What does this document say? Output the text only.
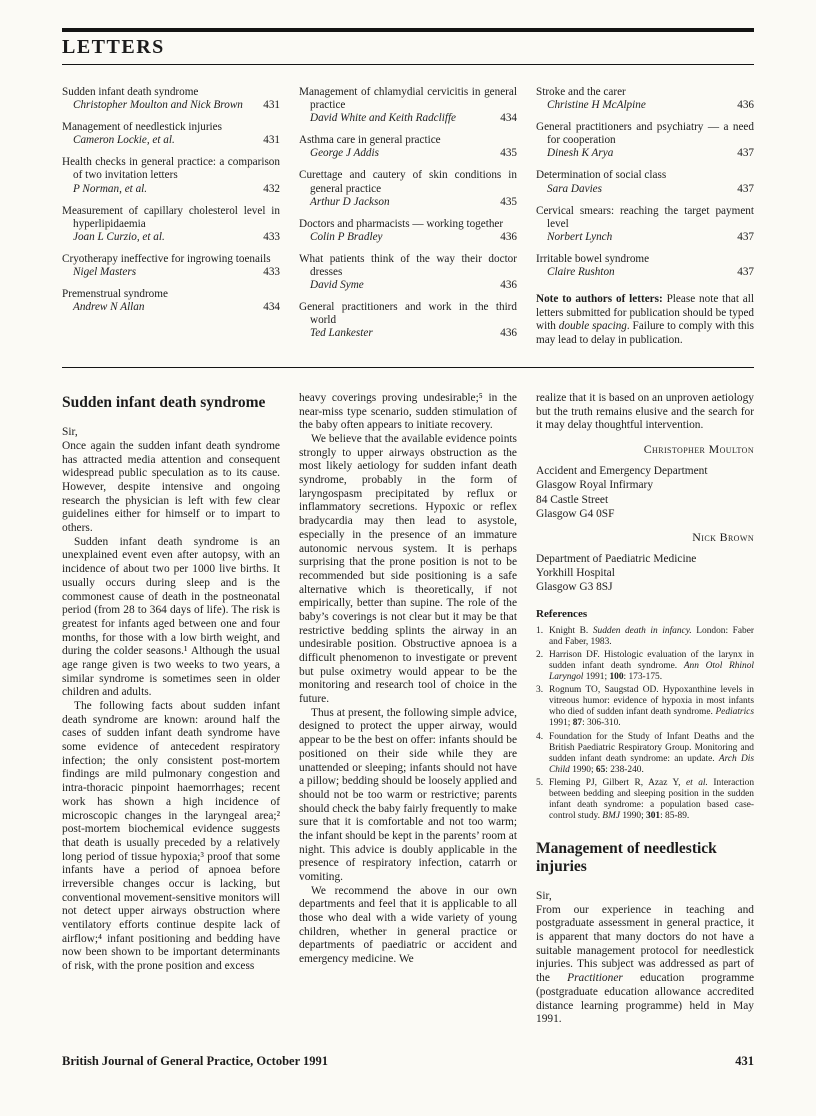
LETTERS
Sudden infant death syndrome
Christopher Moulton and Nick Brown 431
Management of needlestick injuries
Cameron Lockie, et al.	431
Health checks in general practice: a comparison of two invitation letters
P Norman, et al.	432
Measurement of capillary cholesterol level in hyperlipidaemia
Joan L Curzio, et al.	433
Cryotherapy ineffective for ingrowing toenails
Nigel Masters	433
Premenstrual syndrome
Andrew N Allan	434
Management of chlamydial cervicitis in general practice
David White and Keith Radcliffe	434
Asthma care in general practice
George J Addis	435
Curettage and cautery of skin conditions in general practice
Arthur D Jackson	435
Doctors and pharmacists — working together
Colin P Bradley	436
What patients think of the way their doctor dresses
David Syme	436
General practitioners and work in the third world
Ted Lankester	436
Stroke and the carer
Christine H McAlpine	436
General practitioners and psychiatry — a need for cooperation
Dinesh K Arya	437
Determination of social class
Sara Davies	437
Cervical smears: reaching the target payment level
Norbert Lynch	437
Irritable bowel syndrome
Claire Rushton	437

Note to authors of letters: Please note that all letters submitted for publication should be typed with double spacing. Failure to comply with this may lead to delay in publication.

Sudden infant death syndrome

Sir,

Once again the sudden infant death syndrome has attracted media attention and consequent widespread public speculation as to its cause. However, despite intensive and ongoing research the physician is left with few clear guidelines either for himself or to impart to others.

Sudden infant death syndrome is an unexplained event even after autopsy, with an incidence of about two per 1000 live births. It usually occurs during sleep and is the commonest cause of death in the postneonatal period (from 28 to 364 days of life). The risk is greatest for infants aged between one and four months, for those with a low birth weight, and during the colder seasons.¹ Although the usual age range given is two weeks to two years, a similar syndrome is sometimes seen in older children and adults.

The following facts about sudden infant death syndrome are known: around half the cases of sudden infant death syndrome have some evidence of antecedent respiratory infection; the only consistent post-mortem findings are mild pulmonary congestion and intra-thoracic pinpoint haemorrhages; recent work has shown a high incidence of microscopic changes in the laryngeal area;² post-mortem biochemical evidence suggests that death is usually preceded by a relatively long period of tissue hypoxia;³ proof that some infants have a period of apnoea before irreversible changes occur is lacking, but conventional movement-sensitive monitors will not detect upper airways obstruction where ventilatory efforts continue despite lack of airflow;⁴ infant positioning and bedding have now been shown to be important determinants of risk, with the prone position and excess

heavy coverings proving undesirable;⁵ in the near-miss type scenario, sudden stimulation of the baby often appears to initiate recovery.

We believe that the available evidence points strongly to upper airways obstruction as the most likely aetiology for sudden infant death syndrome, probably in the form of laryngospasm precipitated by reflux or inflammatory secretions. Hypoxic or reflex bradycardia may then lead to asystole, especially in the presence of an immature autonomic nervous system. It is perhaps surprising that the prone position is not to be recommended but side positioning is a safe alternative which is theoretically, if not empirically, better than supine. The role of the baby’s coverings is not clear but it may be that restrictive bedding splints the airway in an undesirable position. Obstructive apnoea is a difficult phenomenon to investigate or prevent but pulse oximetry would appear to be the monitoring and research tool of choice in the future.

Thus at present, the following simple advice, designed to protect the upper airway, would appear to be the best on offer: infants should be positioned on their side while they are unattended or sleeping; infants should not have a pillow; bedding should be loosely applied and should not be too warm or restrictive; parents should check the baby fairly frequently to make sure that it is comfortable and not too warm; the infant should be kept in the parents’ room at night. This advice is doubly applicable in the presence of respiratory infection, catarrh or vomiting.

We recommend the above in our own departments and feel that it is applicable to all those who deal with a wide variety of young children, whether in general practice or departments of paediatric or accident and emergency medicine. We

realize that it is based on an unproven aetiology but the truth remains elusive and the search for it may delay thoughtful intervention.

Christopher Moulton

Accident and Emergency Department
Glasgow Royal Infirmary
84 Castle Street
Glasgow G4 0SF

Nick Brown

Department of Paediatric Medicine
Yorkhill Hospital
Glasgow G3 8SJ
References
1. Knight B. Sudden death in infancy. London: Faber and Faber, 1983.
2. Harrison DF. Histologic evaluation of the larynx in sudden infant death syndrome. Ann Otol Rhinol Laryngol 1991; 100: 173-175.
3. Rognum TO, Saugstad OD. Hypoxanthine levels in vitreous humor: evidence of hypoxia in most infants who died of sudden infant death syndrome. Pediatrics 1991; 87: 306-310.
4. Foundation for the Study of Infant Deaths and the British Paediatric Respiratory Group. Monitoring and sudden infant death syndrome: an update. Arch Dis Child 1990; 65: 238-240.
5. Fleming PJ, Gilbert R, Azaz Y, et al. Interaction between bedding and sleeping position in the sudden infant death syndrome: a population based case-control study. BMJ 1990; 301: 85-89.
Management of needlestick injuries

Sir,

From our experience in teaching and postgraduate assessment in general practice, it is apparent that many doctors do not have a suitable management protocol for needlestick injuries. This subject was addressed as part of the Practitioner education programme (postgraduate education allowance accredited distance learning programme) held in May 1991.

British Journal of General Practice, October 1991	431
